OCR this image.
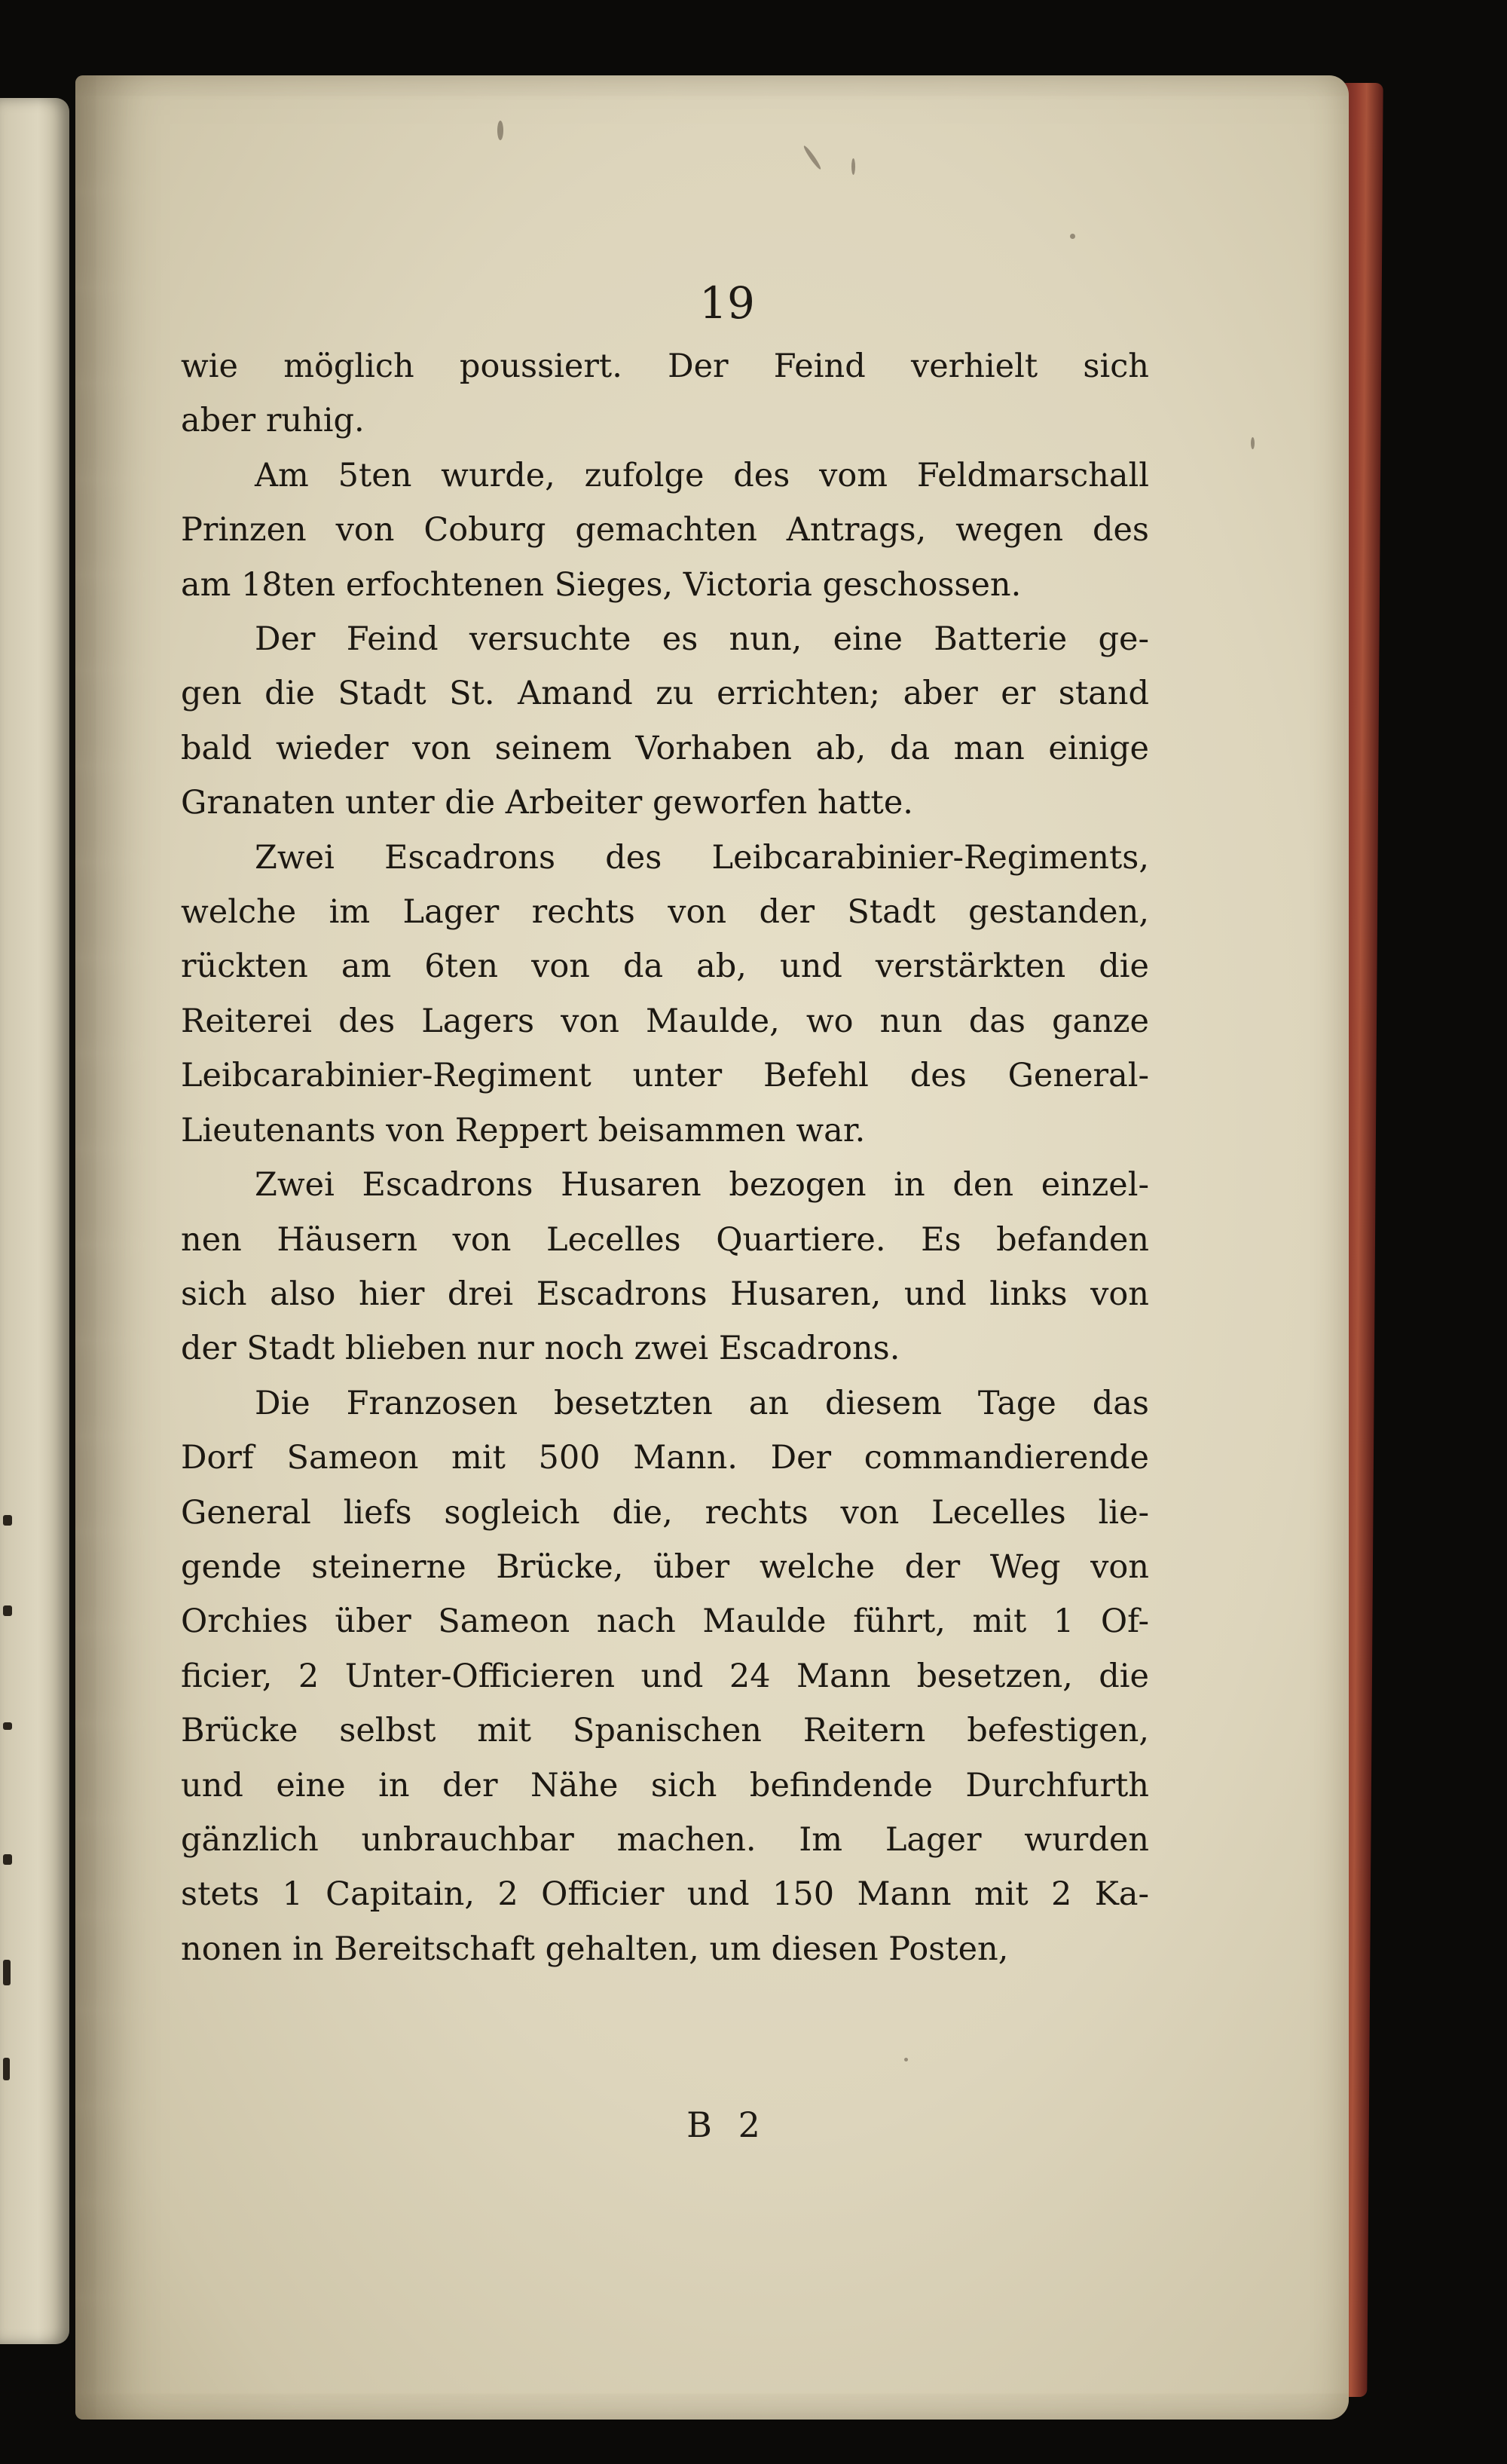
19
wie möglich poussiert. Der Feind verhielt sich
aber ruhig.
Am 5ten wurde, zufolge des vom Feldmarschall
Prinzen von Coburg gemachten Antrags, wegen des
am 18ten erfochtenen Sieges, Victoria geschossen.
Der Feind versuchte es nun, eine Batterie ge-
gen die Stadt St. Amand zu errichten; aber er stand
bald wieder von seinem Vorhaben ab, da man einige
Granaten unter die Arbeiter geworfen hatte.
Zwei Escadrons des Leibcarabinier-Regiments,
welche im Lager rechts von der Stadt gestanden,
rückten am 6ten von da ab, und verstärkten die
Reiterei des Lagers von Maulde, wo nun das ganze
Leibcarabinier-Regiment unter Befehl des General-
Lieutenants von Reppert beisammen war.
Zwei Escadrons Husaren bezogen in den einzel-
nen Häusern von Lecelles Quartiere. Es befanden
sich also hier drei Escadrons Husaren, und links von
der Stadt blieben nur noch zwei Escadrons.
Die Franzosen besetzten an diesem Tage das
Dorf Sameon mit 500 Mann. Der commandierende
General liefs sogleich die, rechts von Lecelles lie-
gende steinerne Brücke, über welche der Weg von
Orchies über Sameon nach Maulde führt, mit 1 Of-
ficier, 2 Unter-Officieren und 24 Mann besetzen, die
Brücke selbst mit Spanischen Reitern befestigen,
und eine in der Nähe sich befindende Durchfurth
gänzlich unbrauchbar machen. Im Lager wurden
stets 1 Capitain, 2 Officier und 150 Mann mit 2 Ka-
nonen in Bereitschaft gehalten, um diesen Posten,
B 2
